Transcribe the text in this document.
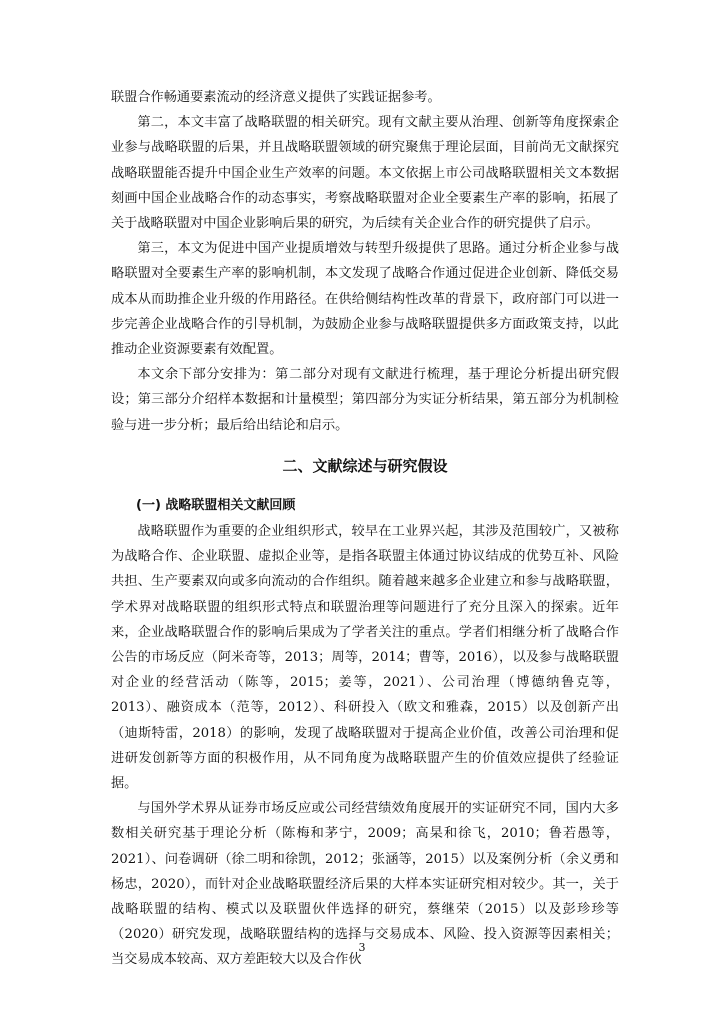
联盟合作畅通要素流动的经济意义提供了实践证据参考。

第二，本文丰富了战略联盟的相关研究。现有文献主要从治理、创新等角度探索企业参与战略联盟的后果，并且战略联盟领域的研究聚焦于理论层面，目前尚无文献探究战略联盟能否提升中国企业生产效率的问题。本文依据上市公司战略联盟相关文本数据刻画中国企业战略合作的动态事实，考察战略联盟对企业全要素生产率的影响，拓展了关于战略联盟对中国企业影响后果的研究，为后续有关企业合作的研究提供了启示。

第三，本文为促进中国产业提质增效与转型升级提供了思路。通过分析企业参与战略联盟对全要素生产率的影响机制，本文发现了战略合作通过促进企业创新、降低交易成本从而助推企业升级的作用路径。在供给侧结构性改革的背景下，政府部门可以进一步完善企业战略合作的引导机制，为鼓励企业参与战略联盟提供多方面政策支持，以此推动企业资源要素有效配置。

本文余下部分安排为：第二部分对现有文献进行梳理，基于理论分析提出研究假设；第三部分介绍样本数据和计量模型；第四部分为实证分析结果，第五部分为机制检验与进一步分析；最后给出结论和启示。

二、文献综述与研究假设
(一) 战略联盟相关文献回顾

战略联盟作为重要的企业组织形式，较早在工业界兴起，其涉及范围较广，又被称为战略合作、企业联盟、虚拟企业等，是指各联盟主体通过协议结成的优势互补、风险共担、生产要素双向或多向流动的合作组织。随着越来越多企业建立和参与战略联盟，学术界对战略联盟的组织形式特点和联盟治理等问题进行了充分且深入的探索。近年来，企业战略联盟合作的影响后果成为了学者关注的重点。学者们相继分析了战略合作公告的市场反应（阿米奇等，2013；周等，2014；曹等，2016），以及参与战略联盟对企业的经营活动（陈等，2015；姜等，2021）、公司治理（博德纳鲁克等，2013）、融资成本（范等，2012）、科研投入（欧文和雅森，2015）以及创新产出（迪斯特雷，2018）的影响，发现了战略联盟对于提高企业价值，改善公司治理和促进研发创新等方面的积极作用，从不同角度为战略联盟产生的价值效应提供了经验证据。

与国外学术界从证券市场反应或公司经营绩效角度展开的实证研究不同，国内大多数相关研究基于理论分析（陈梅和茅宁，2009；高杲和徐飞，2010；鲁若愚等，2021）、问卷调研（徐二明和徐凯，2012；张涵等，2015）以及案例分析（余义勇和杨忠，2020），而针对企业战略联盟经济后果的大样本实证研究相对较少。其一，关于战略联盟的结构、模式以及联盟伙伴选择的研究，蔡继荣（2015）以及彭珍珍等（2020）研究发现，战略联盟结构的选择与交易成本、风险、投入资源等因素相关；当交易成本较高、双方差距较大以及合作伙

3
